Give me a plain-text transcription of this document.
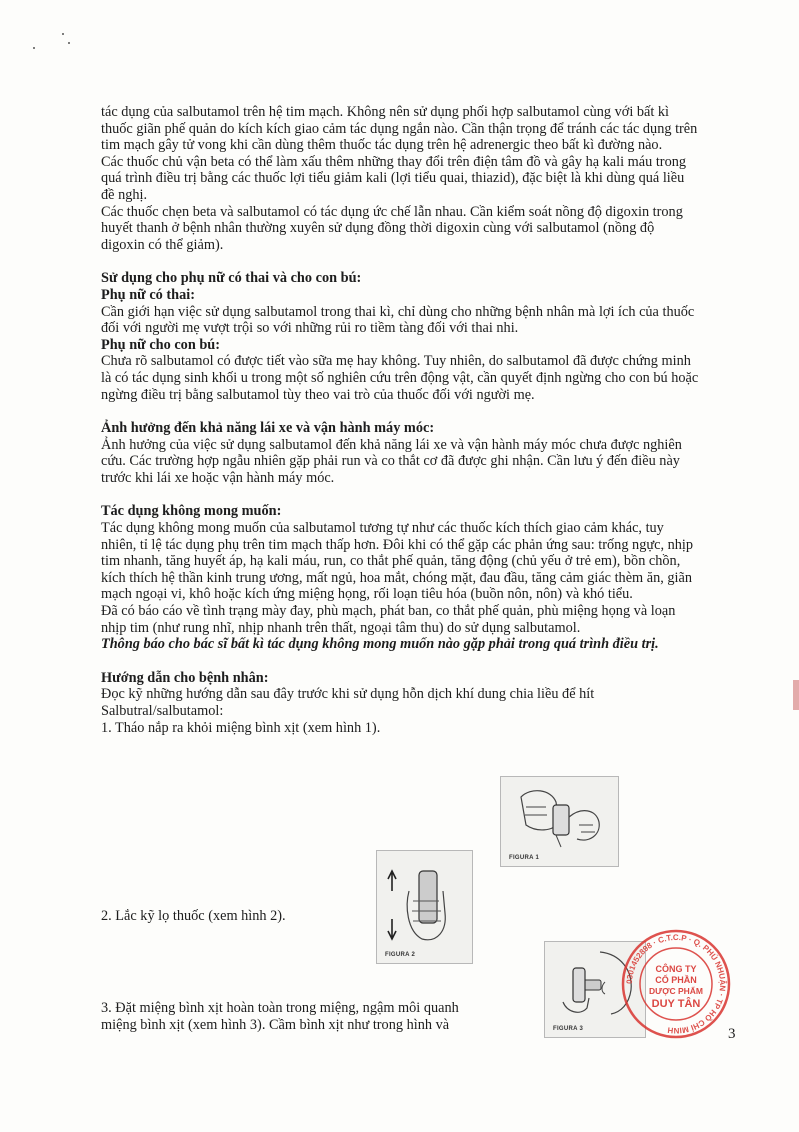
tác dụng của salbutamol trên hệ tim mạch. Không nên sử dụng phối hợp salbutamol cùng với bất kì thuốc giãn phế quản do kích kích giao cảm tác dụng ngắn nào. Cần thận trọng để tránh các tác dụng trên tim mạch gây tử vong khi cần dùng thêm thuốc tác dụng trên hệ adrenergic theo bất kì đường nào.

Các thuốc chủ vận beta có thể làm xấu thêm những thay đổi trên điện tâm đồ và gây hạ kali máu trong quá trình điều trị bằng các thuốc lợi tiểu giảm kali (lợi tiểu quai, thiazid), đặc biệt là khi dùng quá liều đề nghị.

Các thuốc chẹn beta và salbutamol có tác dụng ức chế lẫn nhau. Cần kiểm soát nồng độ digoxin trong huyết thanh ở bệnh nhân thường xuyên sử dụng đồng thời digoxin cùng với salbutamol (nồng độ digoxin có thể giảm).

Sử dụng cho phụ nữ có thai và cho con bú:

Phụ nữ có thai:

Cần giới hạn việc sử dụng salbutamol trong thai kì, chỉ dùng cho những bệnh nhân mà lợi ích của thuốc đối với người mẹ vượt trội so với những rủi ro tiềm tàng đối với thai nhi.

Phụ nữ cho con bú:

Chưa rõ salbutamol có được tiết vào sữa mẹ hay không. Tuy nhiên, do salbutamol đã được chứng minh là có tác dụng sinh khối u trong một số nghiên cứu trên động vật, cần quyết định ngừng cho con bú hoặc ngừng điều trị bằng salbutamol tùy theo vai trò của thuốc đối với người mẹ.

Ảnh hưởng đến khả năng lái xe và vận hành máy móc:

Ảnh hưởng của việc sử dụng salbutamol đến khả năng lái xe và vận hành máy móc chưa được nghiên cứu. Các trường hợp ngẫu nhiên gặp phải run và co thắt cơ đã được ghi nhận. Cần lưu ý đến điều này trước khi lái xe hoặc vận hành máy móc.

Tác dụng không mong muốn:

Tác dụng không mong muốn của salbutamol tương tự như các thuốc kích thích giao cảm khác, tuy nhiên, tỉ lệ tác dụng phụ trên tim mạch thấp hơn. Đôi khi có thể gặp các phản ứng sau: trống ngực, nhịp tim nhanh, tăng huyết áp, hạ kali máu, run, co thắt phế quản, tăng động (chủ yếu ở trẻ em), bồn chồn, kích thích hệ thần kinh trung ương, mất ngủ, hoa mắt, chóng mặt, đau đầu, tăng cảm giác thèm ăn, giãn mạch ngoại vi, khô hoặc kích ứng miệng họng, rối loạn tiêu hóa (buồn nôn, nôn) và khó tiểu.

Đã có báo cáo về tình trạng mày đay, phù mạch, phát ban, co thắt phế quản, phù miệng họng và loạn nhịp tim (như rung nhĩ, nhịp nhanh trên thất, ngoại tâm thu) do sử dụng salbutamol.

Thông báo cho bác sĩ bất kì tác dụng không mong muốn nào gặp phải trong quá trình điều trị.

Hướng dẫn cho bệnh nhân:

Đọc kỹ những hướng dẫn sau đây trước khi sử dụng hỗn dịch khí dung chia liều để hít Salbutral/salbutamol:

1. Tháo nắp ra khỏi miệng bình xịt (xem hình 1).

2. Lắc kỹ lọ thuốc (xem hình 2).

3. Đặt miệng bình xịt hoàn toàn trong miệng, ngậm môi quanh miệng bình xịt (xem hình 3). Cầm bình xịt như trong hình và

FIGURA 1
FIGURA 2
FIGURA 3
0301452898 · C.T.C.P · Q. PHÚ NHUẬN · TP HỒ CHÍ MINH
CÔNG TY
CỔ PHẦN
DƯỢC PHẨM
DUY TÂN
3
